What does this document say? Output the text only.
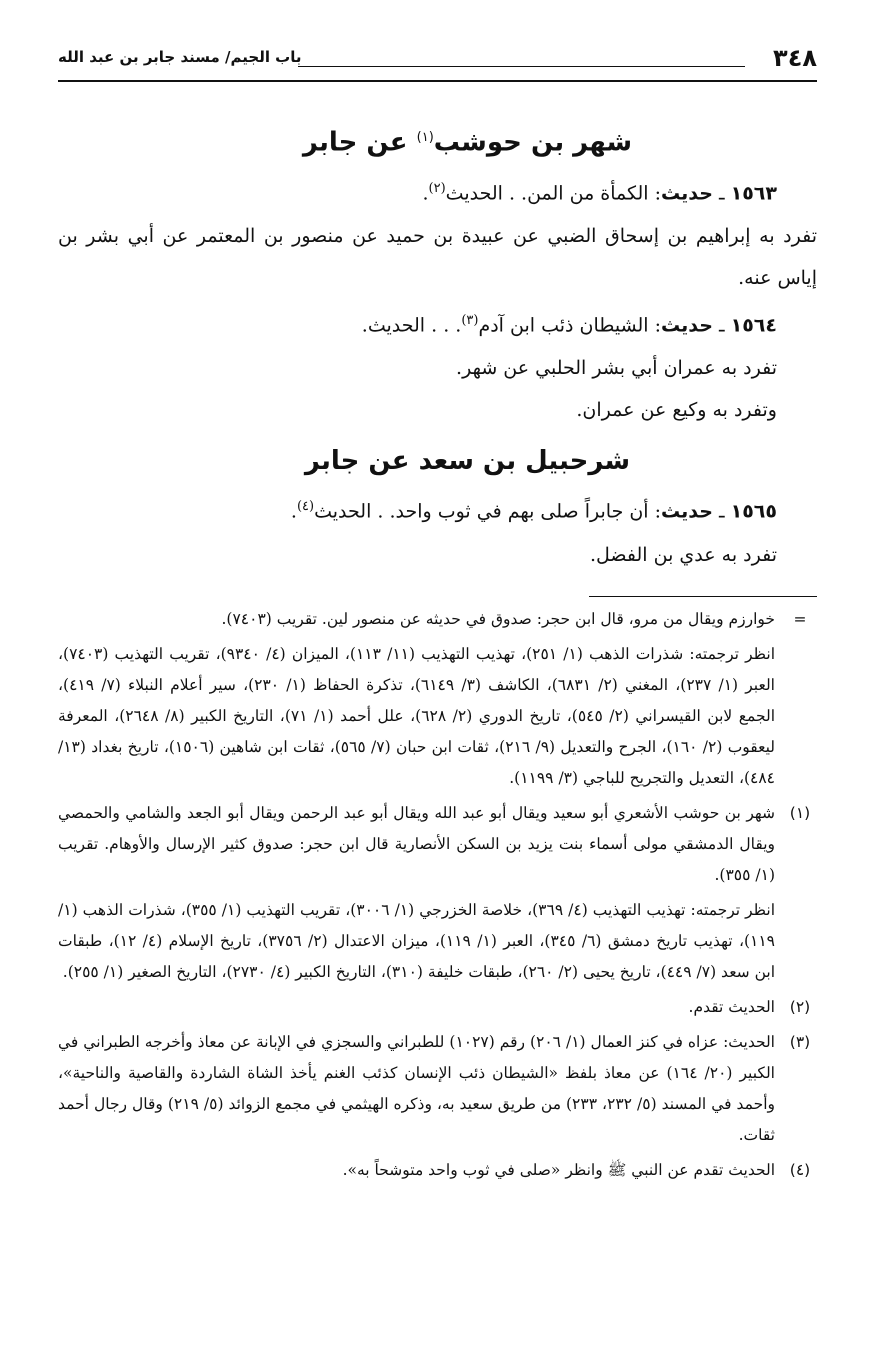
باب الجيم/ مسند جابر بن عبد الله	٣٤٨
شهر بن حوشب$^{(١)}$ عن جابر

١٥٦٣ ـ حديث: الكمأة من المن. . الحديث$^{(٢)}$.

تفرد به إبراهيم بن إسحاق الضبي عن عبيدة بن حميد عن منصور بن المعتمر عن أبي بشر بن إياس عنه.

١٥٦٤ ـ حديث: الشيطان ذئب ابن آدم$^{(٣)}$. . . الحديث.

تفرد به عمران أبي بشر الحلبي عن شهر.

وتفرد به وكيع عن عمران.

شرحبيل بن سعد عن جابر

١٥٦٥ ـ حديث: أن جابراً صلى بهم في ثوب واحد. . الحديث$^{(٤)}$.

تفرد به عدي بن الفضل.

=

خوارزم ويقال من مرو، قال ابن حجر: صدوق في حديثه عن منصور لين. تقريب (٧٤٠٣).

انظر ترجمته: شذرات الذهب (١/ ٢٥١)، تهذيب التهذيب (١١/ ١١٣)، الميزان (٤/ ٩٣٤٠)، تقريب التهذيب (٧٤٠٣)، العبر (١/ ٢٣٧)، المغني (٢/ ٦٨٣١)، الكاشف (٣/ ٦١٤٩)، تذكرة الحفاظ (١/ ٢٣٠)، سير أعلام النبلاء (٧/ ٤١٩)، الجمع لابن القيسراني (٢/ ٥٤٥)، تاريخ الدوري (٢/ ٦٢٨)، علل أحمد (١/ ٧١)، التاريخ الكبير (٨/ ٢٦٤٨)، المعرفة ليعقوب (٢/ ١٦٠)، الجرح والتعديل (٩/ ٢١٦)، ثقات ابن حبان (٧/ ٥٦٥)، ثقات ابن شاهين (١٥٠٦)، تاريخ بغداد (١٣/ ٤٨٤)، التعديل والتجريح للباجي (٣/ ١١٩٩).

(١)

شهر بن حوشب الأشعري أبو سعيد ويقال أبو عبد الله ويقال أبو عبد الرحمن ويقال أبو الجعد والشامي والحمصي ويقال الدمشقي مولى أسماء بنت يزيد بن السكن الأنصارية قال ابن حجر: صدوق كثير الإرسال والأوهام. تقريب (١/ ٣٥٥).

انظر ترجمته: تهذيب التهذيب (٤/ ٣٦٩)، خلاصة الخزرجي (١/ ٣٠٠٦)، تقريب التهذيب (١/ ٣٥٥)، شذرات الذهب (١/ ١١٩)، تهذيب تاريخ دمشق (٦/ ٣٤٥)، العبر (١/ ١١٩)، ميزان الاعتدال (٢/ ٣٧٥٦)، تاريخ الإسلام (٤/ ١٢)، طبقات ابن سعد (٧/ ٤٤٩)، تاريخ يحيى (٢/ ٢٦٠)، طبقات خليفة (٣١٠)، التاريخ الكبير (٤/ ٢٧٣٠)، التاريخ الصغير (١/ ٢٥٥).

(٢)

الحديث تقدم.

(٣)

الحديث: عزاه في كنز العمال (١/ ٢٠٦) رقم (١٠٢٧) للطبراني والسجزي في الإبانة عن معاذ وأخرجه الطبراني في الكبير (٢٠/ ١٦٤) عن معاذ بلفظ «الشيطان ذئب الإنسان كذئب الغنم يأخذ الشاة الشاردة والقاصية والناحية»، وأحمد في المسند (٥/ ٢٣٢، ٢٣٣) من طريق سعيد به، وذكره الهيثمي في مجمع الزوائد (٥/ ٢١٩) وقال رجال أحمد ثقات.

(٤)

الحديث تقدم عن النبي ﷺ وانظر «صلى في ثوب واحد متوشحاً به».
